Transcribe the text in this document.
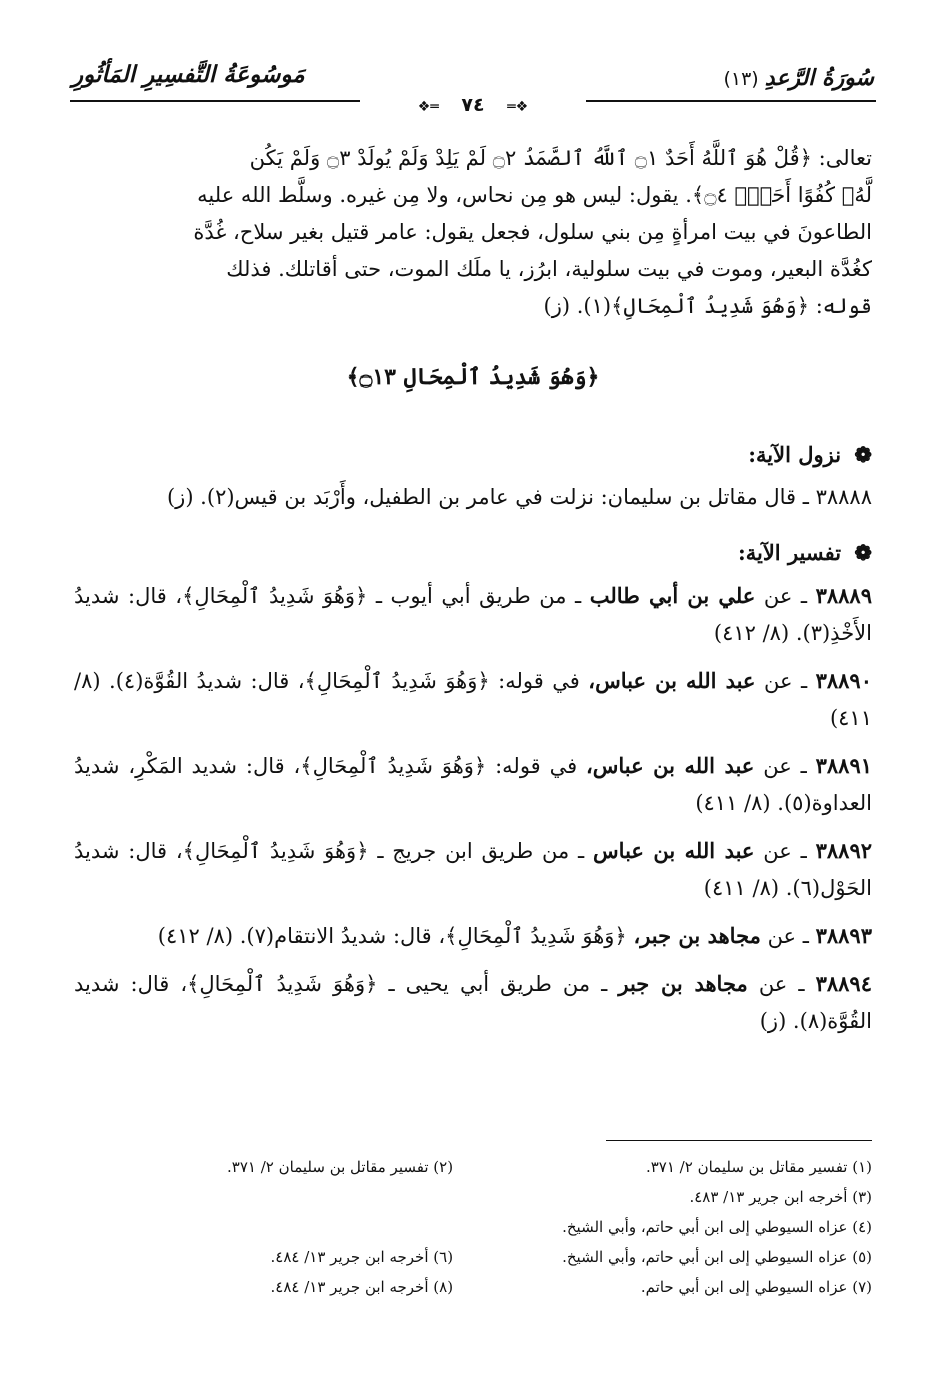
مَوسُوعَةُ التَّفسِيرِ المَأثُورِ	سُورَةُ الرَّعدِ (١٣)
❖═ ٧٤ ═❖

تعالى: ﴿قُلْ هُوَ ٱللَّهُ أَحَدٌ ۝١ ٱللَّهُ ٱلصَّمَدُ ۝٢ لَمْ يَلِدْ وَلَمْ يُولَدْ ۝٣ وَلَمْ يَكُن

لَّهُۥ كُفُوًا أَحَدٌۢ ۝٤﴾. يقول: ليس هو مِن نحاس، ولا مِن غيره. وسلَّط الله عليه

الطاعونَ في بيت امرأةٍ مِن بني سلول، فجعل يقول: عامر قتيل بغير سلاح، غُدَّة

كغُدَّة البعير، وموت في بيت سلولية، ابرُز، يا ملَك الموت، حتى أقاتلك. فذلك

قوله: ﴿وَهُوَ شَدِيدُ ٱلْمِحَالِ﴾(١). (ز)

﴿وَهُوَ شَدِيدُ ٱلْمِحَالِ ۝١٣﴾
❁ نزول الآية:
٣٨٨٨٨ ـ قال مقاتل بن سليمان: نزلت في عامر بن الطفيل، وأَرْبَد بن قيس(٢). (ز)
❁ تفسير الآية:
٣٨٨٨٩ ـ عن علي بن أبي طالب ـ من طريق أبي أيوب ـ ﴿وَهُوَ شَدِيدُ ٱلْمِحَالِ﴾، قال: شديدُ الأَخْذِ(٣). (٨/ ٤١٢)
٣٨٨٩٠ ـ عن عبد الله بن عباس، في قوله: ﴿وَهُوَ شَدِيدُ ٱلْمِحَالِ﴾، قال: شديدُ القُوَّة(٤). (٨/ ٤١١)
٣٨٨٩١ ـ عن عبد الله بن عباس، في قوله: ﴿وَهُوَ شَدِيدُ ٱلْمِحَالِ﴾، قال: شديد المَكْرِ، شديدُ العداوة(٥). (٨/ ٤١١)
٣٨٨٩٢ ـ عن عبد الله بن عباس ـ من طريق ابن جريج ـ ﴿وَهُوَ شَدِيدُ ٱلْمِحَالِ﴾، قال: شديدُ الحَوْل(٦). (٨/ ٤١١)
٣٨٨٩٣ ـ عن مجاهد بن جبر، ﴿وَهُوَ شَدِيدُ ٱلْمِحَالِ﴾، قال: شديدُ الانتقام(٧). (٨/ ٤١٢)
٣٨٨٩٤ ـ عن مجاهد بن جبر ـ من طريق أبي يحيى ـ ﴿وَهُوَ شَدِيدُ ٱلْمِحَالِ﴾، قال: شديد القُوَّة(٨). (ز)
(١) تفسير مقاتل بن سليمان ٢/ ٣٧١.
(٢) تفسير مقاتل بن سليمان ٢/ ٣٧١.
(٣) أخرجه ابن جرير ١٣/ ٤٨٣.
(٤) عزاه السيوطي إلى ابن أبي حاتم، وأبي الشيخ.
(٥) عزاه السيوطي إلى ابن أبي حاتم، وأبي الشيخ.
(٦) أخرجه ابن جرير ١٣/ ٤٨٤.
(٧) عزاه السيوطي إلى ابن أبي حاتم.
(٨) أخرجه ابن جرير ١٣/ ٤٨٤.
